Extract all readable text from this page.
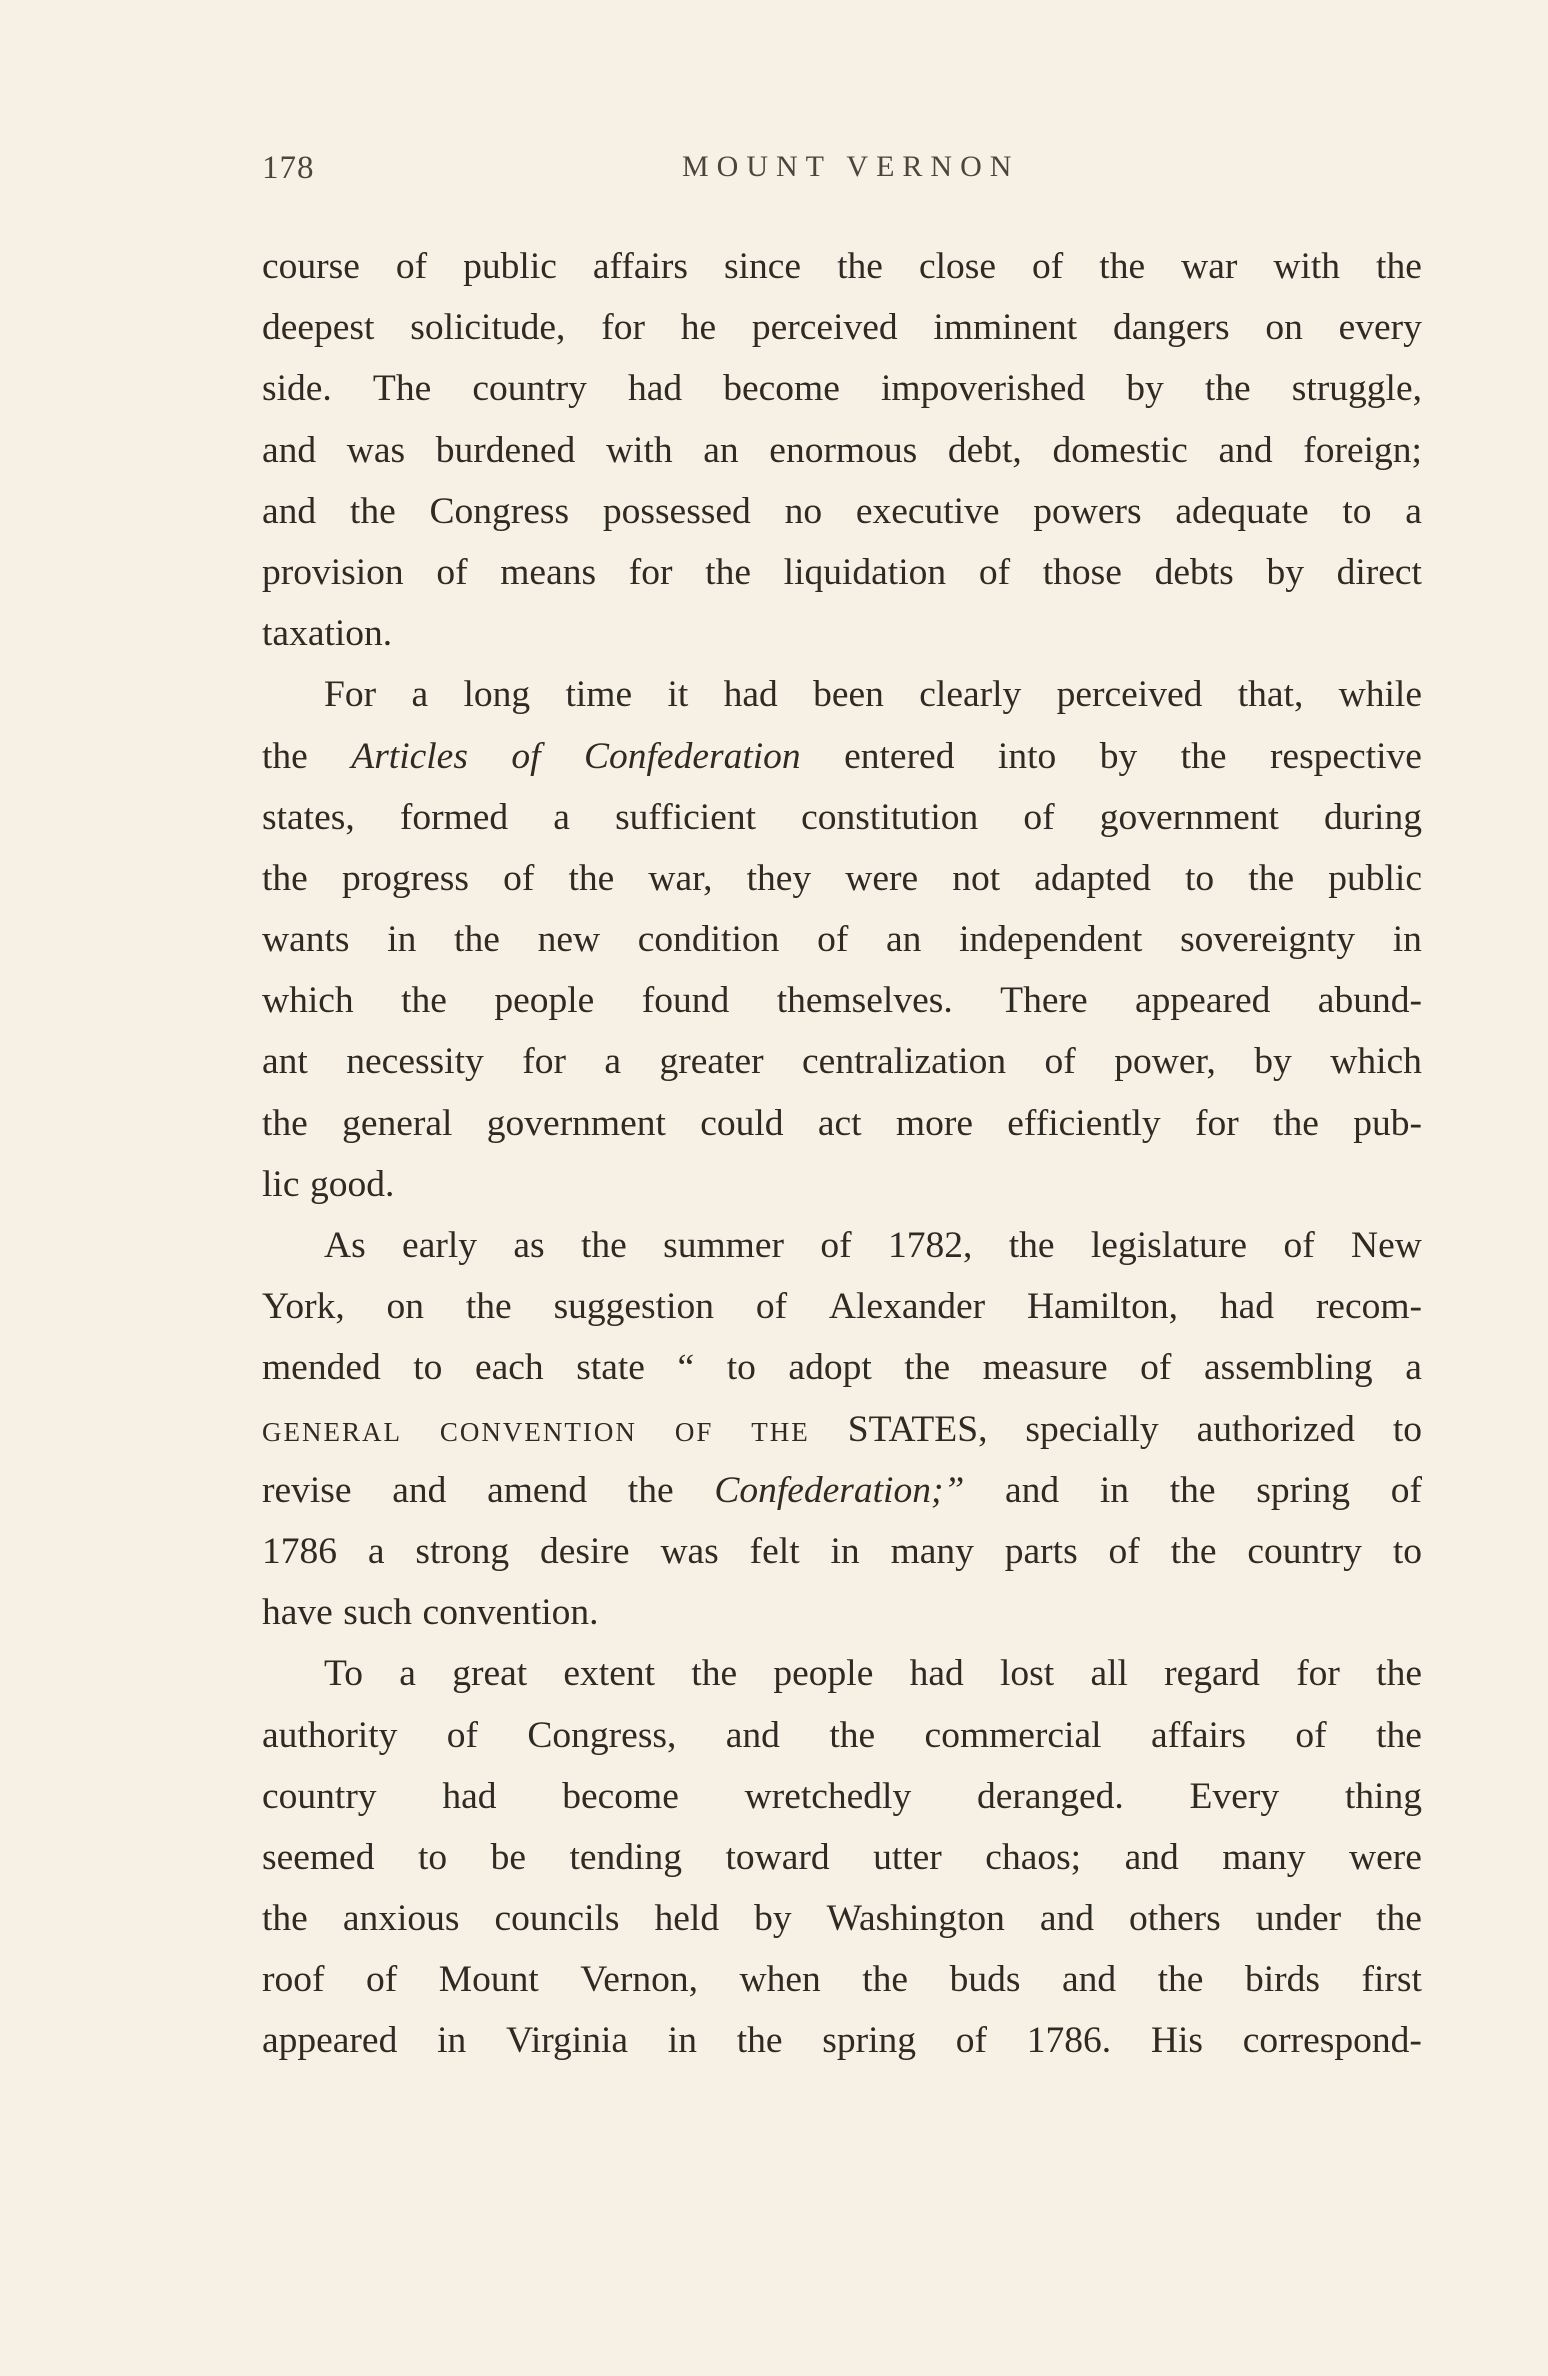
178	MOUNT VERNON
course of public affairs since the close of the war with the
deepest solicitude, for he perceived imminent dangers on every
side. The country had become impoverished by the struggle,
and was burdened with an enormous debt, domestic and foreign;
and the Congress possessed no executive powers adequate to a
provision of means for the liquidation of those debts by direct
taxation.
For a long time it had been clearly perceived that, while
the Articles of Confederation entered into by the respective
states, formed a sufficient constitution of government during
the progress of the war, they were not adapted to the public
wants in the new condition of an independent sovereignty in
which the people found themselves. There appeared abund-
ant necessity for a greater centralization of power, by which
the general government could act more efficiently for the pub-
lic good.
As early as the summer of 1782, the legislature of New
York, on the suggestion of Alexander Hamilton, had recom-
mended to each state “ to adopt the measure of assembling a
GENERAL CONVENTION OF THE STATES, specially authorized to
revise and amend the Confederation;” and in the spring of
1786 a strong desire was felt in many parts of the country to
have such convention.
To a great extent the people had lost all regard for the
authority of Congress, and the commercial affairs of the
country had become wretchedly deranged. Every thing
seemed to be tending toward utter chaos; and many were
the anxious councils held by Washington and others under the
roof of Mount Vernon, when the buds and the birds first
appeared in Virginia in the spring of 1786. His correspond-
